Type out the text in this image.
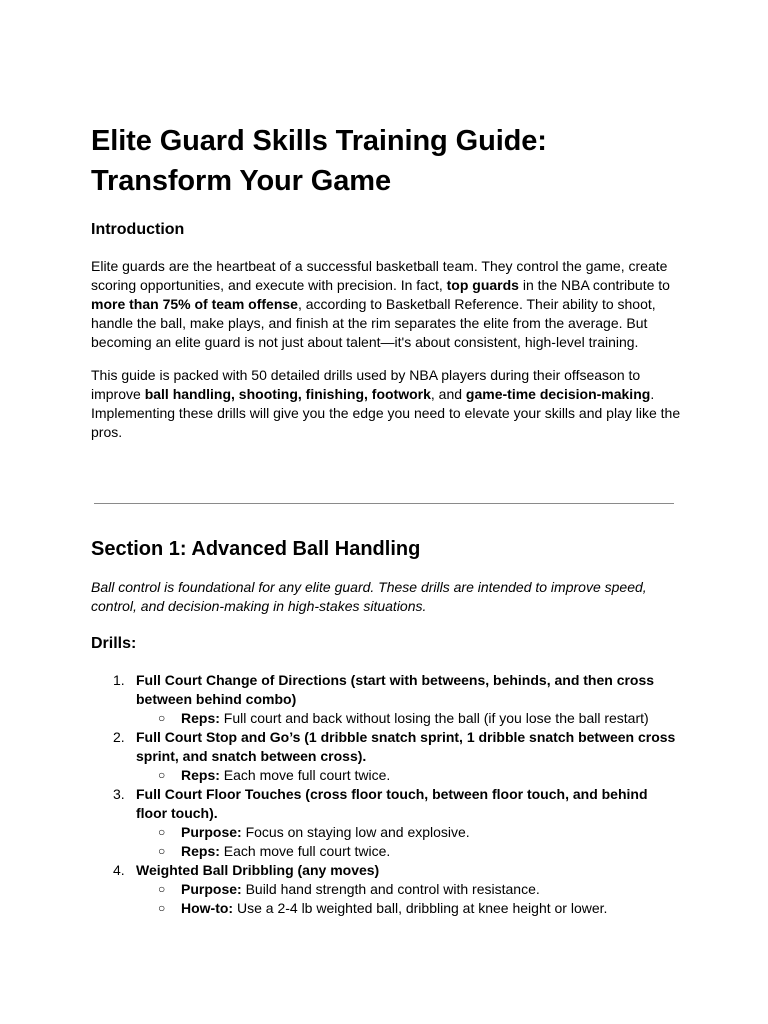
Elite Guard Skills Training Guide: Transform Your Game
Introduction

Elite guards are the heartbeat of a successful basketball team. They control the game, create scoring opportunities, and execute with precision. In fact, top guards in the NBA contribute to more than 75% of team offense, according to Basketball Reference. Their ability to shoot, handle the ball, make plays, and finish at the rim separates the elite from the average. But becoming an elite guard is not just about talent—it's about consistent, high-level training.

This guide is packed with 50 detailed drills used by NBA players during their offseason to improve ball handling, shooting, finishing, footwork, and game-time decision-making. Implementing these drills will give you the edge you need to elevate your skills and play like the pros.

Section 1: Advanced Ball Handling

Ball control is foundational for any elite guard. These drills are intended to improve speed, control, and decision-making in high-stakes situations.

Drills:
1. Full Court Change of Directions (start with betweens, behinds, and then cross between behind combo)
○ Reps: Full court and back without losing the ball (if you lose the ball restart)
2. Full Court Stop and Go’s (1 dribble snatch sprint, 1 dribble snatch between cross sprint, and snatch between cross).
○ Reps: Each move full court twice.
3. Full Court Floor Touches (cross floor touch, between floor touch, and behind floor touch).
○ Purpose: Focus on staying low and explosive.
○ Reps: Each move full court twice.
4. Weighted Ball Dribbling (any moves)
○ Purpose: Build hand strength and control with resistance.
○ How-to: Use a 2-4 lb weighted ball, dribbling at knee height or lower.
